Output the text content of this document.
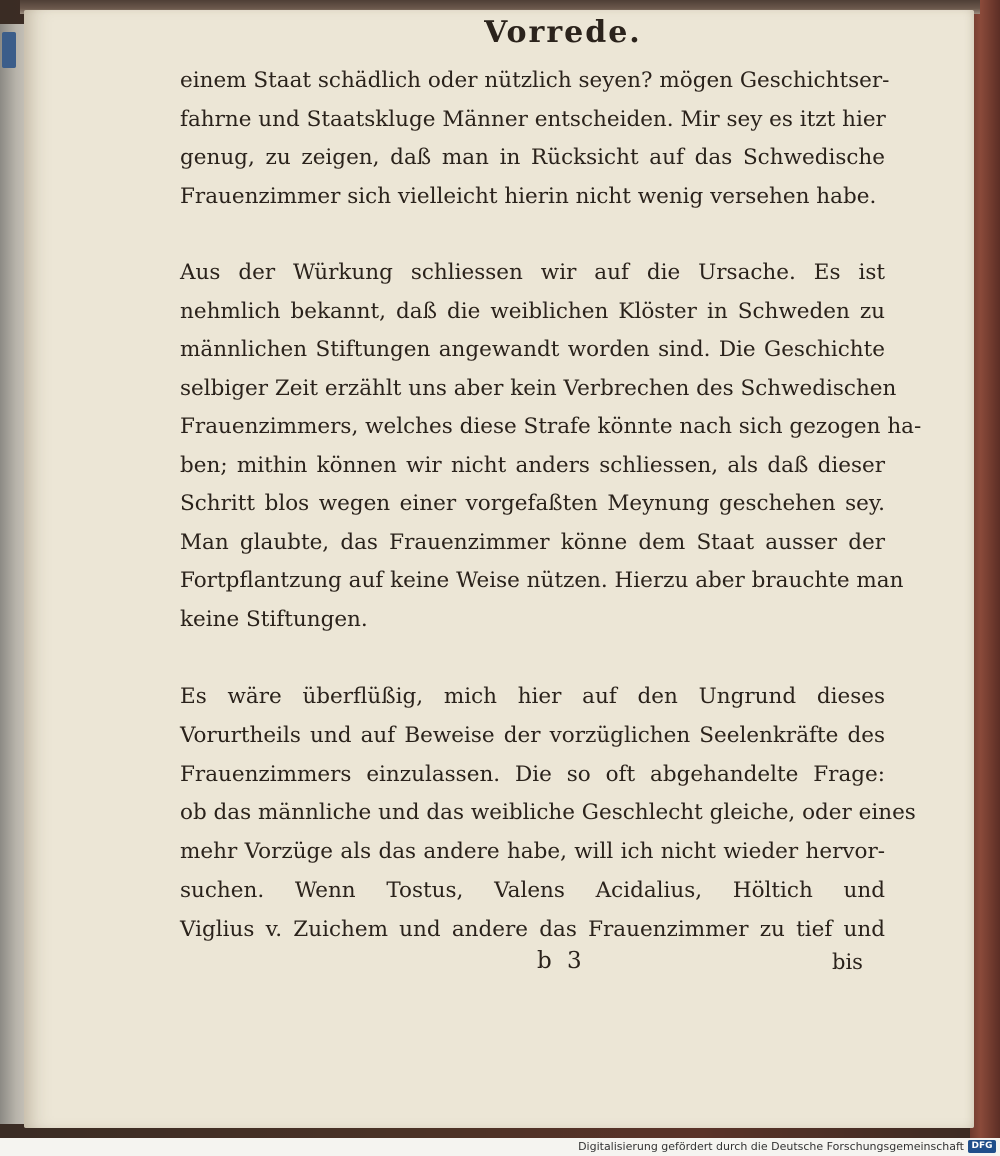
Vorrede.
einem Staat schädlich oder nützlich seyen? mögen Geschichtser-
fahrne und Staatskluge Männer entscheiden. Mir sey es itzt hier
genug, zu zeigen, daß man in Rücksicht auf das Schwedische
Frauenzimmer sich vielleicht hierin nicht wenig versehen habe.
Aus der Würkung schliessen wir auf die Ursache. Es ist
nehmlich bekannt, daß die weiblichen Klöster in Schweden zu
männlichen Stiftungen angewandt worden sind. Die Geschichte
selbiger Zeit erzählt uns aber kein Verbrechen des Schwedischen
Frauenzimmers, welches diese Strafe könnte nach sich gezogen ha-
ben; mithin können wir nicht anders schliessen, als daß dieser
Schritt blos wegen einer vorgefaßten Meynung geschehen sey.
Man glaubte, das Frauenzimmer könne dem Staat ausser der
Fortpflantzung auf keine Weise nützen. Hierzu aber brauchte man
keine Stiftungen.
Es wäre überflüßig, mich hier auf den Ungrund dieses
Vorurtheils und auf Beweise der vorzüglichen Seelenkräfte des
Frauenzimmers einzulassen. Die so oft abgehandelte Frage:
ob das männliche und das weibliche Geschlecht gleiche, oder eines
mehr Vorzüge als das andere habe, will ich nicht wieder hervor-
suchen. Wenn Tostus, Valens Acidalius, Höltich und
Viglius v. Zuichem und andere das Frauenzimmer zu tief und
b 3	bis
Digitalisierung gefördert durch die Deutsche Forschungsgemeinschaft DFG
